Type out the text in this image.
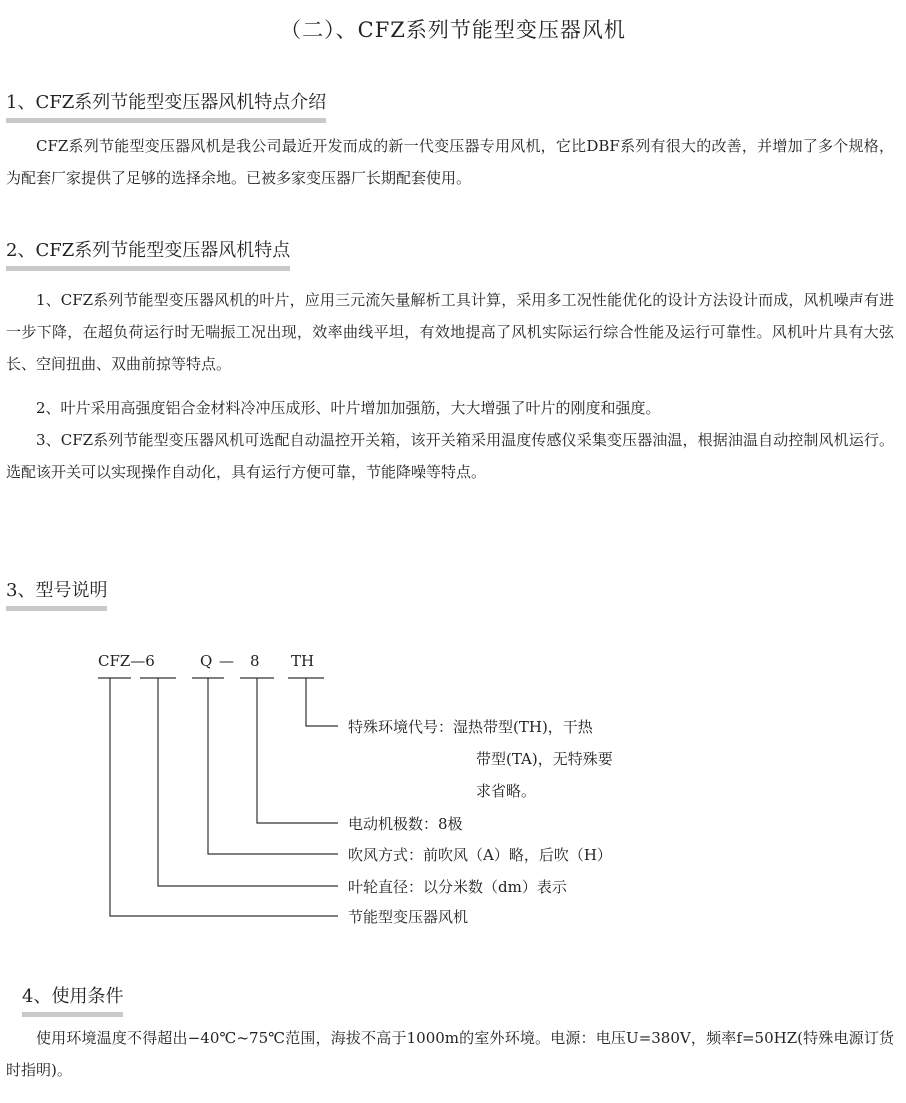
（二）、CFZ系列节能型变压器风机
1、CFZ系列节能型变压器风机特点介绍

CFZ系列节能型变压器风机是我公司最近开发而成的新一代变压器专用风机，它比DBF系列有很大的改善，并增加了多个规格，为配套厂家提供了足够的选择余地。已被多家变压器厂长期配套使用。

2、CFZ系列节能型变压器风机特点

1、CFZ系列节能型变压器风机的叶片，应用三元流矢量解析工具计算，采用多工况性能优化的设计方法设计而成，风机噪声有进一步下降，在超负荷运行时无喘振工况出现，效率曲线平坦，有效地提高了风机实际运行综合性能及运行可靠性。风机叶片具有大弦长、空间扭曲、双曲前掠等特点。

2、叶片采用高强度铝合金材料冷冲压成形、叶片增加加强筋，大大增强了叶片的刚度和强度。

3、CFZ系列节能型变压器风机可选配自动温控开关箱，该开关箱采用温度传感仪采集变压器油温，根据油温自动控制风机运行。选配该开关可以实现操作自动化，具有运行方便可靠，节能降噪等特点。

3、型号说明
CFZ—6	Q — 8 TH
特殊环境代号：湿热带型(TH)，干热
带型(TA)，无特殊要
求省略。
电动机极数：8极
吹风方式：前吹风（A）略，后吹（H）
叶轮直径：以分米数（dm）表示
节能型变压器风机
4、使用条件

使用环境温度不得超出−40℃~75℃范围，海拔不高于1000m的室外环境。电源：电压U=380V，频率f=50HZ(特殊电源订货时指明)。
